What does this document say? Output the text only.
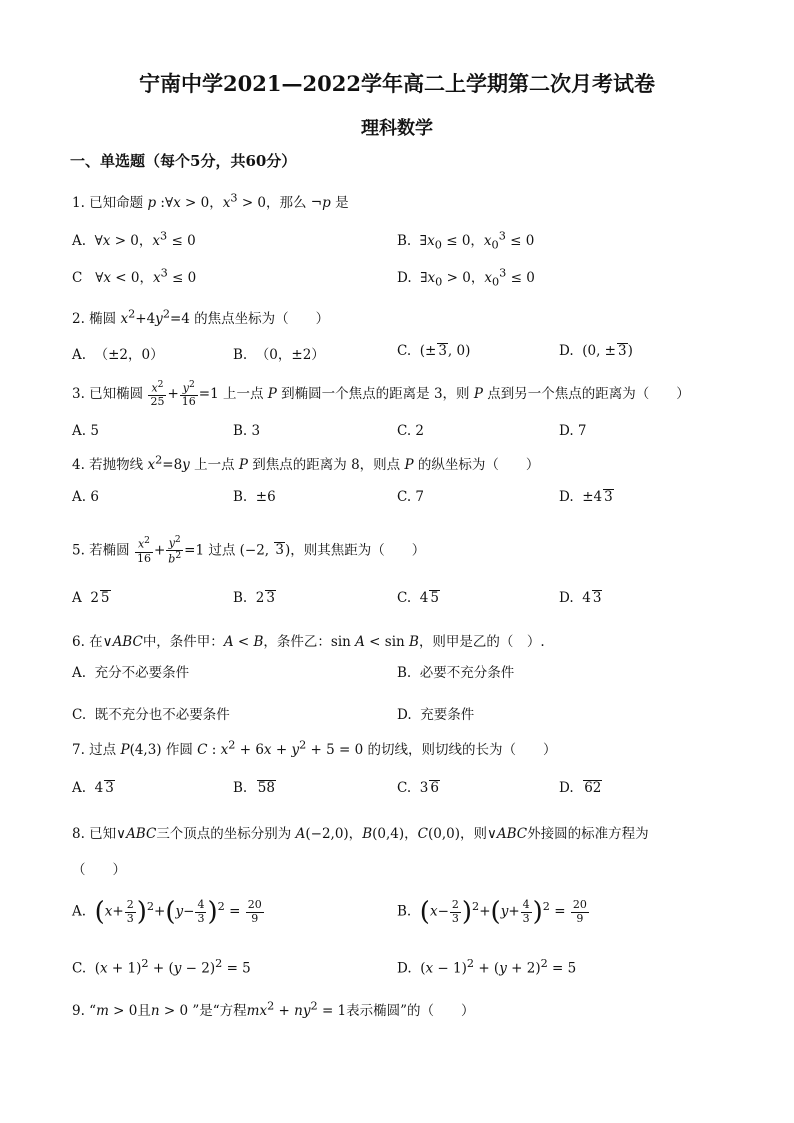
宁南中学2021—2022学年高二上学期第二次月考试卷
理科数学
一、单选题（每个5分，共60分）
1. 已知命题 p :∀x > 0，$x^3 > 0$，那么 ¬p 是
A.  ∀x > 0，$x^3 \le 0$	B.  $\exists x_0 \le 0$，$x_0^3 \le 0$
C   ∀x < 0，$x^3 \le 0$	D.  $\exists x_0 > 0$，$x_0^3 \le 0$
2. 椭圆 $x^2+4y^2=4$ 的焦点坐标为（　　）
A.  （±2，0）	B.  （0，±2）	C.  (± 3, 0)	D.  (0, ± 3)
3. 已知椭圆 $\frac{x^2}{25} + \frac{y^2}{16} =1$ 上一点 P 到椭圆一个焦点的距离是 3，则 P 点到另一个焦点的距离为（　　）
A. 5	B. 3	C. 2	D. 7
4. 若抛物线 $x^2=8y$ 上一点 P 到焦点的距离为 8，则点 P 的纵坐标为（　　）
A. 6	B.  ±6	C. 7	D.  ±4 3
5. 若椭圆 $\frac{x^2}{16} + \frac{y^2}{b^2} =1$ 过点 (−2, 3)，则其焦距为（　　）
A  2 5	B.  2 3	C.  4 5	D.  4 3
6. 在∨ABC中，条件甲：A < B，条件乙：sin A < sin B，则甲是乙的（　）.
A.  充分不必要条件	B.  必要不充分条件
C.  既不充分也不必要条件	D.  充要条件
7. 过点 P(4,3) 作圆 C : $x^2 + 6x + y^2 + 5 = 0$ 的切线，则切线的长为（　　）
A.  4 3	B.  58	C.  3 6	D.  62
8. 已知∨ABC三个顶点的坐标分别为 A(−2,0)，B(0,4)，C(0,0)，则∨ABC外接圆的标准方程为
（　　）
A.  $(x+ \frac{2}{3} )^2+(y- \frac{4}{3} )^2 = \frac{20}{9}$	B.  $(x- \frac{2}{3} )^2+(y+ \frac{4}{3} )^2 = \frac{20}{9}$
C.  $(x + 1)^2 + (y - 2)^2 = 5$	D.  $(x - 1)^2 + (y + 2)^2 = 5$
9. “m > 0且n > 0 ”是“方程$mx^2 + ny^2 = 1$表示椭圆”的（　　）
